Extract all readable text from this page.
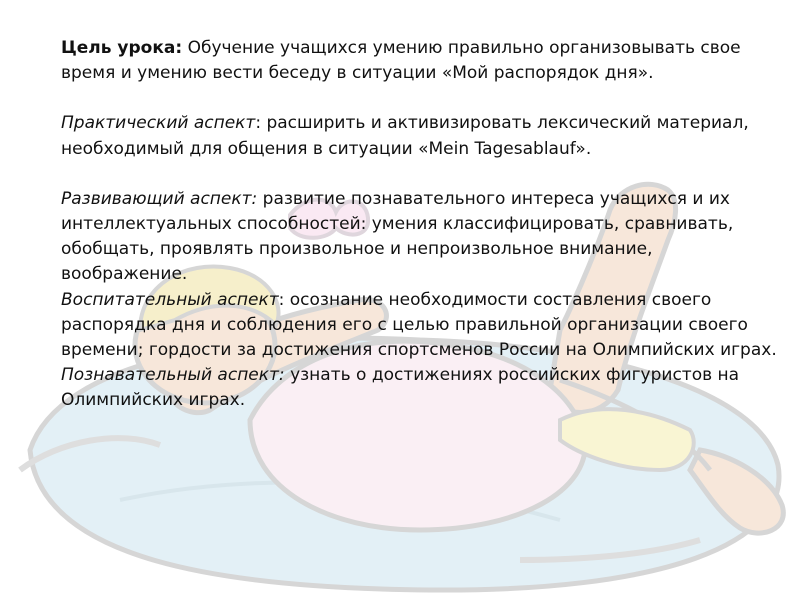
Цель урока: Обучение учащихся умению правильно организовывать свое время и умению вести беседу в ситуации «Мой распорядок дня».

Практический аспект: расширить и активизировать лексический материал, необходимый для общения в ситуации «Mein Tagesablauf».

Развивающий аспект: развитие познавательного интереса учащихся и их интеллектуальных способностей: умения классифицировать, сравнивать, обобщать, проявлять произвольное и непроизвольное внимание, воображение.

Воспитательный аспект: осознание необходимости составления своего распорядка дня и соблюдения его с целью правильной организации своего времени; гордости за достижения спортсменов России на Олимпийских играх.

Познавательный аспект: узнать о достижениях российских фигуристов на Олимпийских играх.
